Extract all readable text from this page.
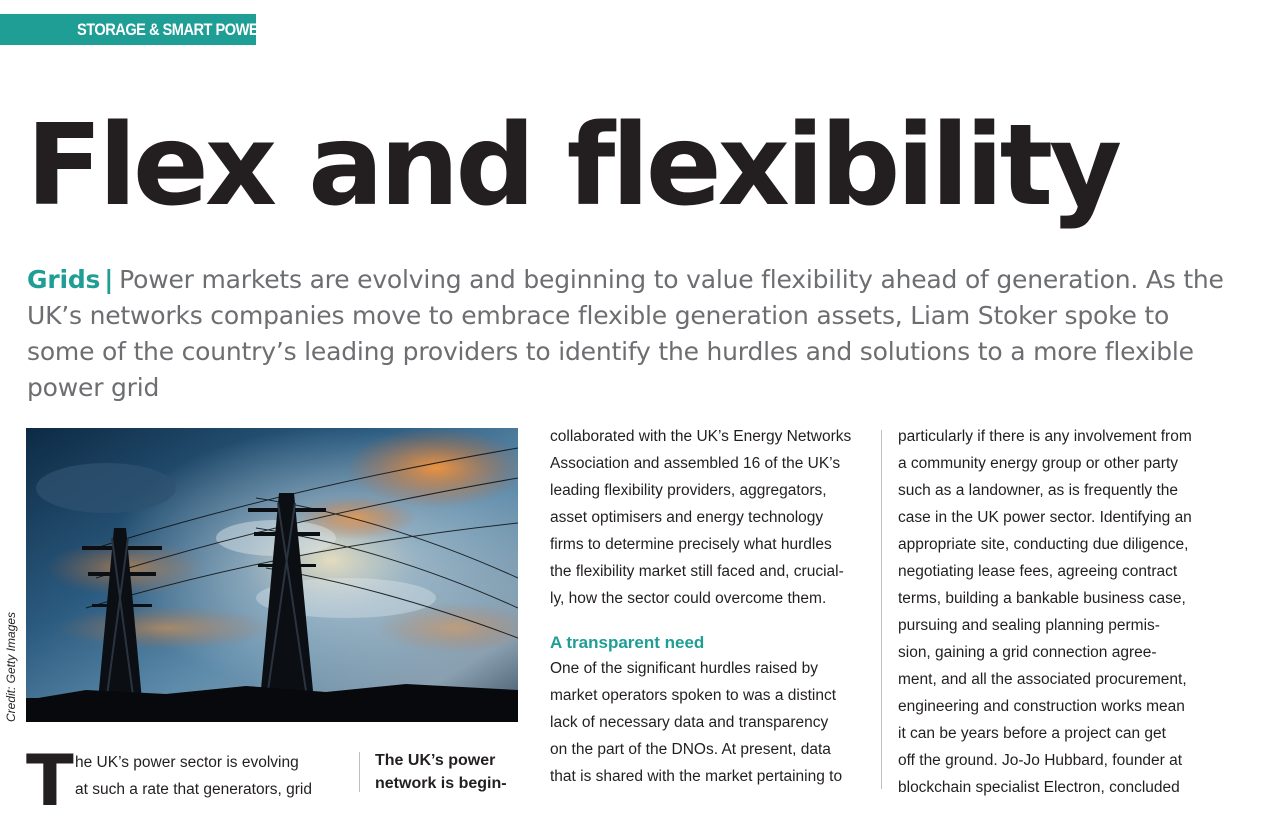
STORAGE & SMART POWER
Flex and flexibility
Grids | Power markets are evolving and beginning to value flexibility ahead of generation. As the UK’s networks companies move to embrace flexible generation assets, Liam Stoker spoke to some of the country’s leading providers to identify the hurdles and solutions to a more flexible power grid
Credit: Getty Images
T he UK’s power sector is evolving

at such a rate that generators, grid

The UK’s power
network is begin-

collaborated with the UK’s Energy Networks

Association and assembled 16 of the UK’s

leading flexibility providers, aggregators,

asset optimisers and energy technology

firms to determine precisely what hurdles

the flexibility market still faced and, crucial-

ly, how the sector could overcome them.

A transparent need

One of the significant hurdles raised by

market operators spoken to was a distinct

lack of necessary data and transparency

on the part of the DNOs. At present, data

that is shared with the market pertaining to

particularly if there is any involvement from

a community energy group or other party

such as a landowner, as is frequently the

case in the UK power sector. Identifying an

appropriate site, conducting due diligence,

negotiating lease fees, agreeing contract

terms, building a bankable business case,

pursuing and sealing planning permis-

sion, gaining a grid connection agree-

ment, and all the associated procurement,

engineering and construction works mean

it can be years before a project can get

off the ground. Jo-Jo Hubbard, founder at

blockchain specialist Electron, concluded
